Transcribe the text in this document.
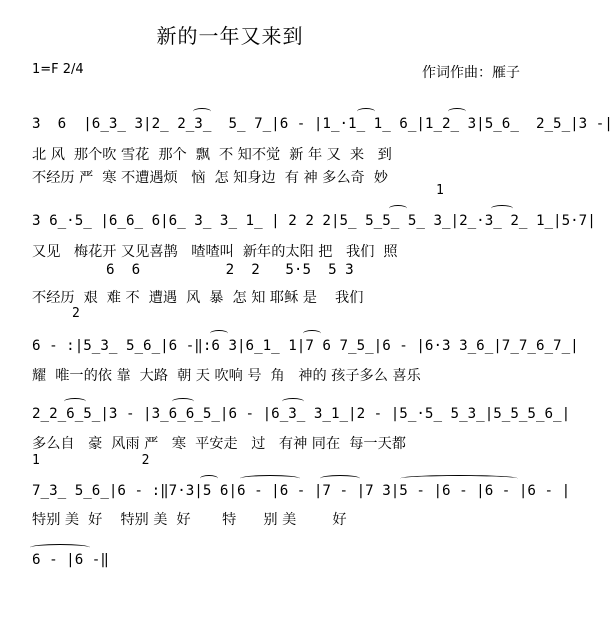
新的一年又来到
1=F 2/4	作词作曲：雁子
3  6  |6̲3̲ 3|2̲ 2̲3̲  5̲ 7̲|6 - |1̲·1̲ 1̲ 6̲|1̲2̲ 3|5̲6̲  2̲5̲|3 -|
北 风  那个吹 雪花  那个  飘  不 知不觉  新 年 又  来   到
不经历 严  寒 不遭遇烦   恼  怎 知身边  有 神 多么奇  妙
1
3 6̲·5̲ |6̲6̲ 6|6̲ 3̲ 3̲ 1̲ | 2 2 2|5̲ 5̲5̲ 5̲ 3̲|2̲·3̲ 2̲ 1̲|5·7|
又见   梅花开 又见喜鹊   喳喳叫  新年的太阳 把   我们  照
6  6          2  2   5·5  5 3
不经历  艰  难 不  遭遇  风  暴  怎 知 耶稣 是    我们
2
6 - :|5̲3̲ 5̲6̲|6 -‖:6 3|6̲1̲ 1|7 6 7̲5̲|6 - |6·3 3̲6̲|7̲7̲6̲7̲|
耀  唯一的依 靠  大路  朝 天 吹响 号  角   神的 孩子多么 喜乐
2̲2̲6̲5̲|3 - |3̲6̲6̲5̲|6 - |6̲3̲ 3̲1̲|2 - |5̲·5̲ 5̲3̲|5̲5̲5̲6̲|
多么自   豪  风雨 严   寒  平安走   过   有神 同在  每一天都
1             2
7̲3̲ 5̲6̲|6 - :‖7·3|5 6|6 - |6 - |7 - |7 3|5 - |6 - |6 - |6 - |
特别 美  好    特别 美  好       特      别 美        好
6 - |6 -‖
